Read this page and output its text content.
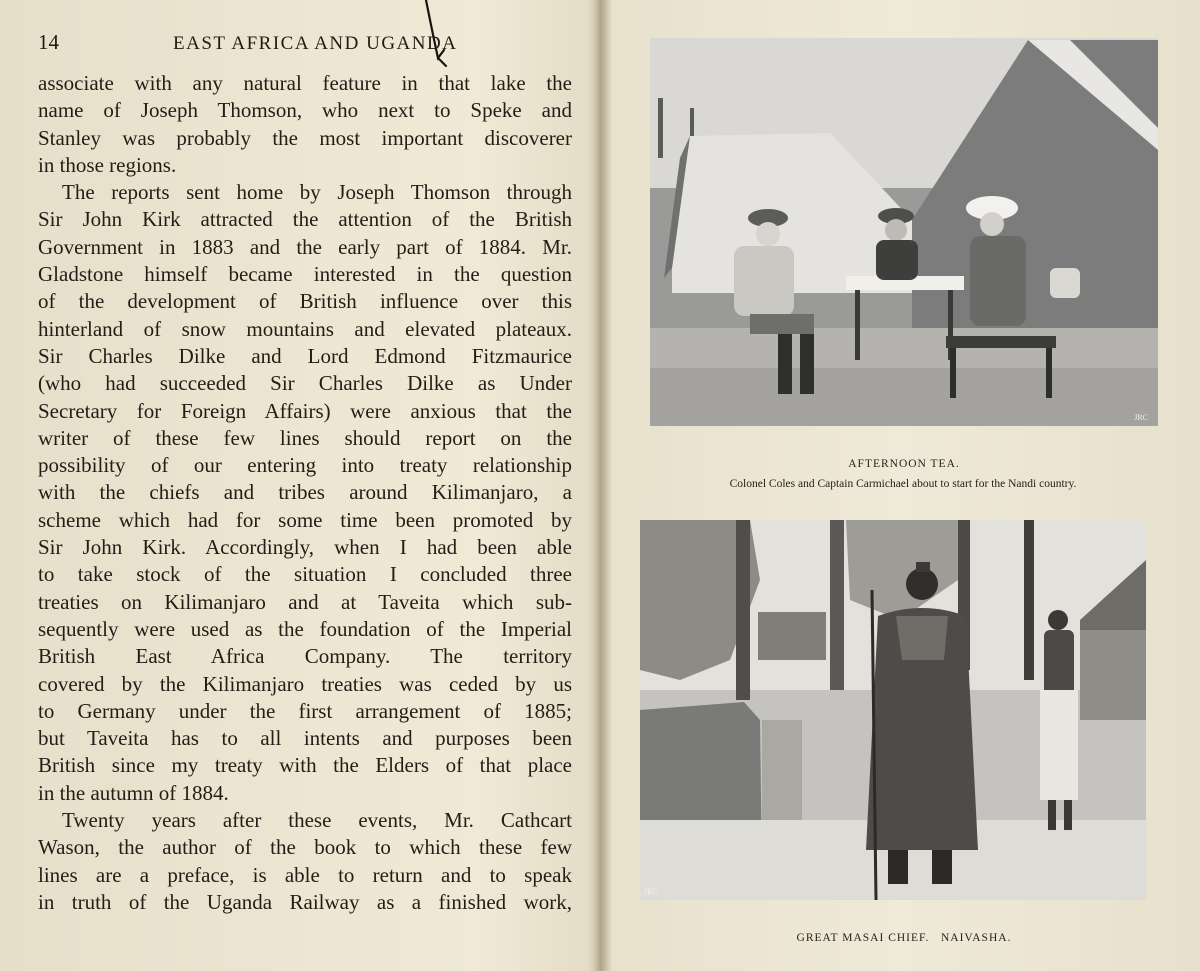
14	EAST AFRICA AND UGANDA
associate with any natural feature in that lake the
name of Joseph Thomson, who next to Speke and
Stanley was probably the most important discoverer
in those regions.
The reports sent home by Joseph Thomson through
Sir John Kirk attracted the attention of the British
Government in 1883 and the early part of 1884. Mr.
Gladstone himself became interested in the question
of the development of British influence over this
hinterland of snow mountains and elevated plateaux.
Sir Charles Dilke and Lord Edmond Fitzmaurice
(who had succeeded Sir Charles Dilke as Under
Secretary for Foreign Affairs) were anxious that the
writer of these few lines should report on the
possibility of our entering into treaty relationship
with the chiefs and tribes around Kilimanjaro, a
scheme which had for some time been promoted by
Sir John Kirk. Accordingly, when I had been able
to take stock of the situation I concluded three
treaties on Kilimanjaro and at Taveita which sub-
sequently were used as the foundation of the Imperial
British East Africa Company. The territory
covered by the Kilimanjaro treaties was ceded by us
to Germany under the first arrangement of 1885;
but Taveita has to all intents and purposes been
British since my treaty with the Elders of that place
in the autumn of 1884.
Twenty years after these events, Mr. Cathcart
Wason, the author of the book to which these few
lines are a preface, is able to return and to speak
in truth of the Uganda Railway as a finished work,
JRC
AFTERNOON TEA.
Colonel Coles and Captain Carmichael about to start for the Nandi country.
JRC
GREAT MASAI CHIEF.   NAIVASHA.
